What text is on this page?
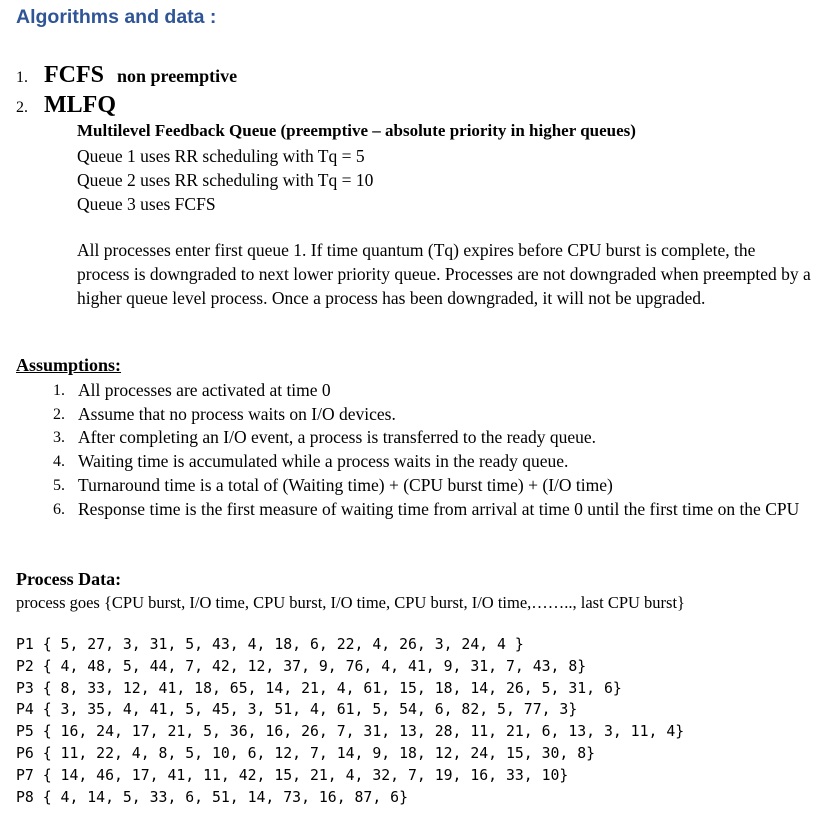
Algorithms and data :
1. FCFS non preemptive
2. MLFQ
Multilevel Feedback Queue (preemptive – absolute priority in higher queues)
Queue 1 uses RR scheduling with Tq = 5
Queue 2 uses RR scheduling with Tq = 10
Queue 3 uses FCFS
All processes enter first queue 1. If time quantum (Tq) expires before CPU burst is complete, the process is downgraded to next lower priority queue. Processes are not downgraded when preempted by a higher queue level process. Once a process has been downgraded, it will not be upgraded.
Assumptions:
1. All processes are activated at time 0
2. Assume that no process waits on I/O devices.
3. After completing an I/O event, a process is transferred to the ready queue.
4. Waiting time is accumulated while a process waits in the ready queue.
5. Turnaround time is a total of (Waiting time) + (CPU burst time) + (I/O time)
6. Response time is the first measure of waiting time from arrival at time 0 until the first time on the CPU
Process Data:
process goes {CPU burst, I/O time, CPU burst, I/O time, CPU burst, I/O time,…….., last CPU burst}
P1 { 5, 27, 3, 31, 5, 43, 4, 18, 6, 22, 4, 26, 3, 24, 4 }
P2 { 4, 48, 5, 44, 7, 42, 12, 37, 9, 76, 4, 41, 9, 31, 7, 43, 8}
P3 { 8, 33, 12, 41, 18, 65, 14, 21, 4, 61, 15, 18, 14, 26, 5, 31, 6}
P4 { 3, 35, 4, 41, 5, 45, 3, 51, 4, 61, 5, 54, 6, 82, 5, 77, 3}
P5 { 16, 24, 17, 21, 5, 36, 16, 26, 7, 31, 13, 28, 11, 21, 6, 13, 3, 11, 4}
P6 { 11, 22, 4, 8, 5, 10, 6, 12, 7, 14, 9, 18, 12, 24, 15, 30, 8}
P7 { 14, 46, 17, 41, 11, 42, 15, 21, 4, 32, 7, 19, 16, 33, 10}
P8 { 4, 14, 5, 33, 6, 51, 14, 73, 16, 87, 6}
